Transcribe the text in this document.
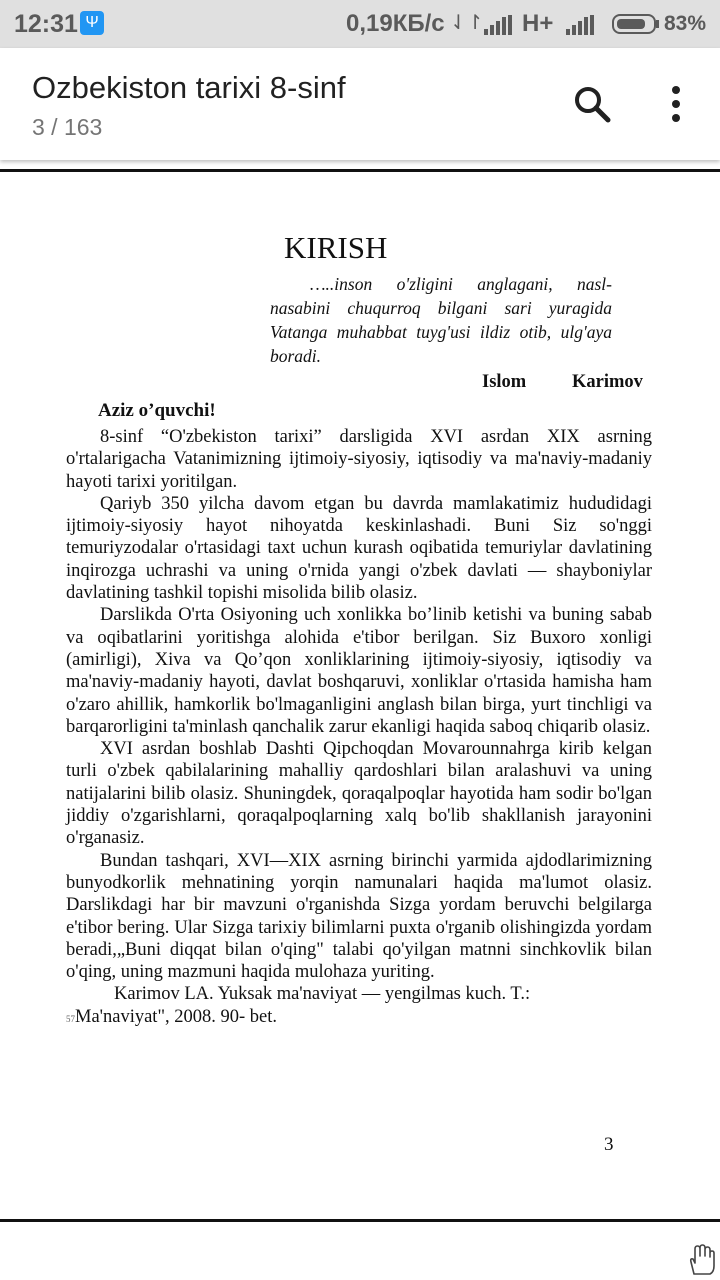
12:31 Ψ	0,19КБ/с ⇃↾ H+	83%
Ozbekiston tarixi 8-sinf
3 / 163
KIRISH
…..inson o'zligini anglagani, nasl-nasabini chuqurroq bilgani sari yuragida Vatanga muhabbat tuyg'usi ildiz otib, ulg'aya boradi.
Islom Karimov
Aziz o’quvchi!

8-sinf “O'zbekiston tarixi” darsligida XVI asrdan XIX asrning o'rtalarigacha Vatanimizning ijtimoiy-siyosiy, iqtisodiy va ma'naviy-madaniy hayoti tarixi yoritilgan.

Qariyb 350 yilcha davom etgan bu davrda mamlakatimiz hududidagi ijtimoiy-siyosiy hayot nihoyatda keskinlashadi. Buni Siz so'nggi temuriyzodalar o'rtasidagi taxt uchun kurash oqibatida temuriylar davlatining inqirozga uchrashi va uning o'rnida yangi o'zbek davlati — shayboniylar davlatining tashkil topishi misolida bilib olasiz.

Darslikda O'rta Osiyoning uch xonlikka bo’linib ketishi va buning sabab va oqibatlarini yoritishga alohida e'tibor berilgan. Siz Buxoro xonligi (amirligi), Xiva va Qo’qon xonliklarining ijtimoiy-siyosiy, iqtisodiy va ma'naviy-madaniy hayoti, davlat boshqaruvi, xonliklar o'rtasida hamisha ham o'zaro ahillik, hamkorlik bo'lmaganligini anglash bilan birga, yurt tinchligi va barqarorligini ta'minlash qanchalik zarur ekanligi haqida saboq chiqarib olasiz.

XVI asrdan boshlab Dashti Qipchoqdan Movarounnahrga kirib kelgan turli o'zbek qabilalarining mahalliy qardoshlari bilan aralashuvi va uning natijalarini bilib olasiz. Shuningdek, qoraqalpoqlar hayotida ham sodir bo'lgan jiddiy o'zgarishlarni, qoraqalpoqlarning xalq bo'lib shakllanish jarayonini o'rganasiz.

Bundan tashqari, XVI—XIX asrning birinchi yarmida ajdodlarimizning bunyodkorlik mehnatining yorqin namunalari haqida ma'lumot olasiz. Darslikdagi har bir mavzuni o'rganishda Sizga yordam beruvchi belgilarga e'tibor bering. Ular Sizga tarixiy bilimlarni puxta o'rganib olishingizda yordam beradi,„Buni diqqat bilan o'qing" talabi qo'yilgan matnni sinchkovlik bilan o'qing, uning mazmuni haqida mulohaza yuriting.

Karimov LA. Yuksak ma'naviyat — yengilmas kuch. T.:

57Ma'naviyat", 2008. 90- bet.
3
